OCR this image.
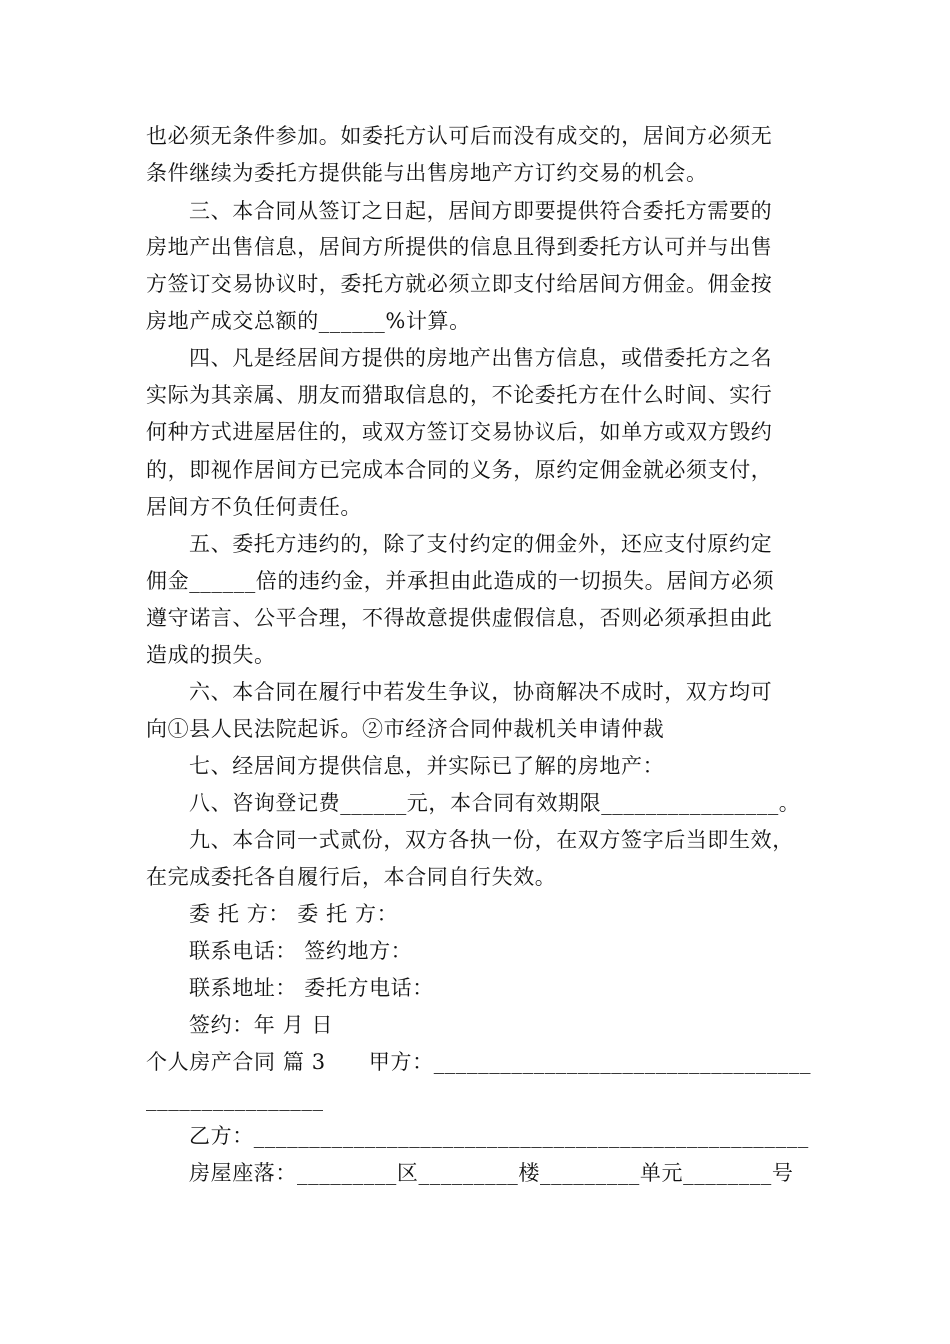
也必须无条件参加。如委托方认可后而没有成交的，居间方必须无
条件继续为委托方提供能与出售房地产方订约交易的机会。
三、本合同从签订之日起，居间方即要提供符合委托方需要的
房地产出售信息，居间方所提供的信息且得到委托方认可并与出售
方签订交易协议时，委托方就必须立即支付给居间方佣金。佣金按
房地产成交总额的______%计算。
四、凡是经居间方提供的房地产出售方信息，或借委托方之名
实际为其亲属、朋友而猎取信息的，不论委托方在什么时间、实行
何种方式进屋居住的，或双方签订交易协议后，如单方或双方毁约
的，即视作居间方已完成本合同的义务，原约定佣金就必须支付，
居间方不负任何责任。
五、委托方违约的，除了支付约定的佣金外，还应支付原约定
佣金______倍的违约金，并承担由此造成的一切损失。居间方必须
遵守诺言、公平合理，不得故意提供虚假信息，否则必须承担由此
造成的损失。
六、本合同在履行中若发生争议，协商解决不成时，双方均可
向①县人民法院起诉。②市经济合同仲裁机关申请仲裁
七、经居间方提供信息，并实际已了解的房地产：
八、咨询登记费______元，本合同有效期限________________。
九、本合同一式贰份，双方各执一份，在双方签字后当即生效，
在完成委托各自履行后，本合同自行失效。
委 托 方： 委 托 方：
联系电话： 签约地方：
联系地址： 委托方电话：
签约：年 月 日
个人房产合同 篇 3　　甲方：__________________________________
________________
乙方：__________________________________________________
房屋座落：_________区_________楼_________单元________号
